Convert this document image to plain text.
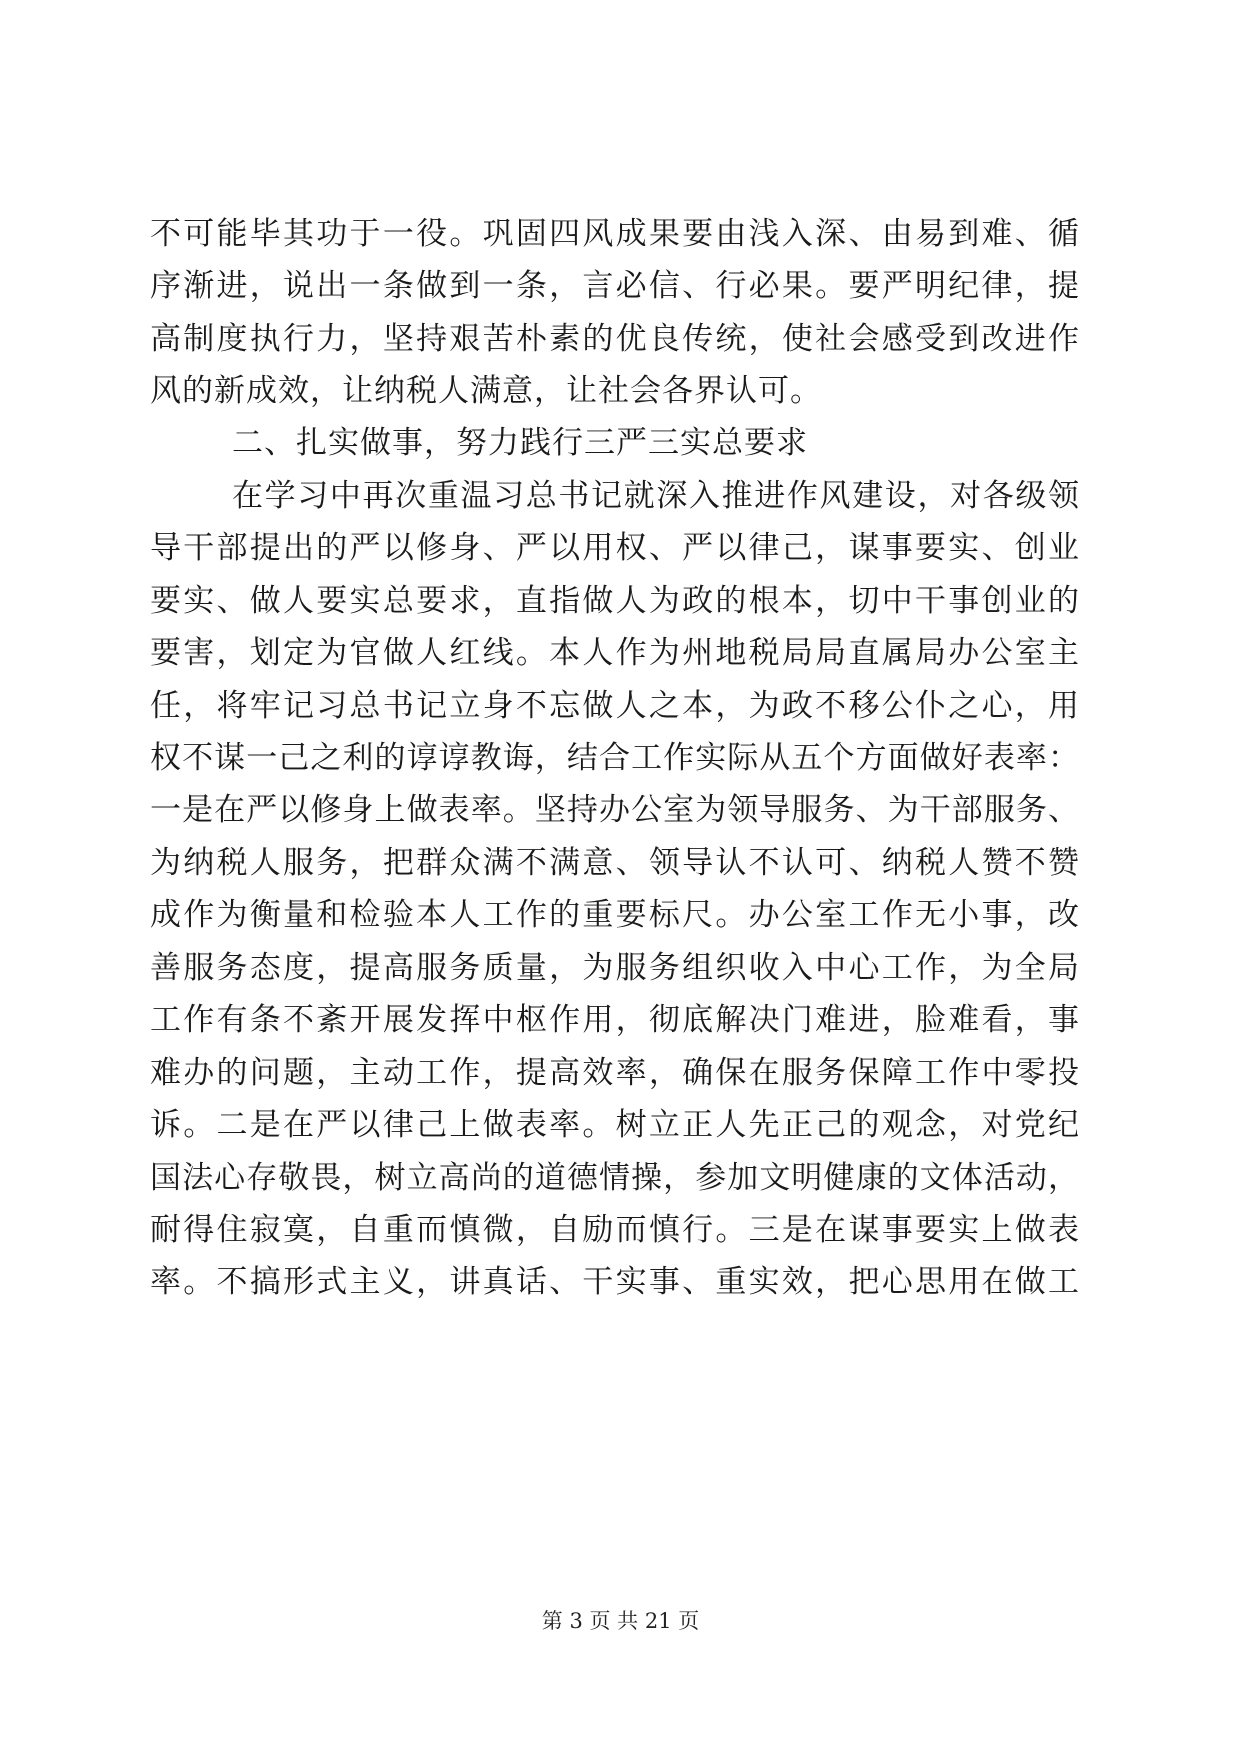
不可能毕其功于一役。巩固四风成果要由浅入深、由易到难、循
序渐进，说出一条做到一条，言必信、行必果。要严明纪律，提
高制度执行力，坚持艰苦朴素的优良传统，使社会感受到改进作
风的新成效，让纳税人满意，让社会各界认可。
二、扎实做事，努力践行三严三实总要求
在学习中再次重温习总书记就深入推进作风建设，对各级领
导干部提出的严以修身、严以用权、严以律己，谋事要实、创业
要实、做人要实总要求，直指做人为政的根本，切中干事创业的
要害，划定为官做人红线。本人作为州地税局局直属局办公室主
任，将牢记习总书记立身不忘做人之本，为政不移公仆之心，用
权不谋一己之利的谆谆教诲，结合工作实际从五个方面做好表率：
一是在严以修身上做表率。坚持办公室为领导服务、为干部服务、
为纳税人服务，把群众满不满意、领导认不认可、纳税人赞不赞
成作为衡量和检验本人工作的重要标尺。办公室工作无小事，改
善服务态度，提高服务质量，为服务组织收入中心工作，为全局
工作有条不紊开展发挥中枢作用，彻底解决门难进，脸难看，事
难办的问题，主动工作，提高效率，确保在服务保障工作中零投
诉。二是在严以律己上做表率。树立正人先正己的观念，对党纪
国法心存敬畏，树立高尚的道德情操，参加文明健康的文体活动，
耐得住寂寞，自重而慎微，自励而慎行。三是在谋事要实上做表
率。不搞形式主义，讲真话、干实事、重实效，把心思用在做工
第 3 页 共 21 页
